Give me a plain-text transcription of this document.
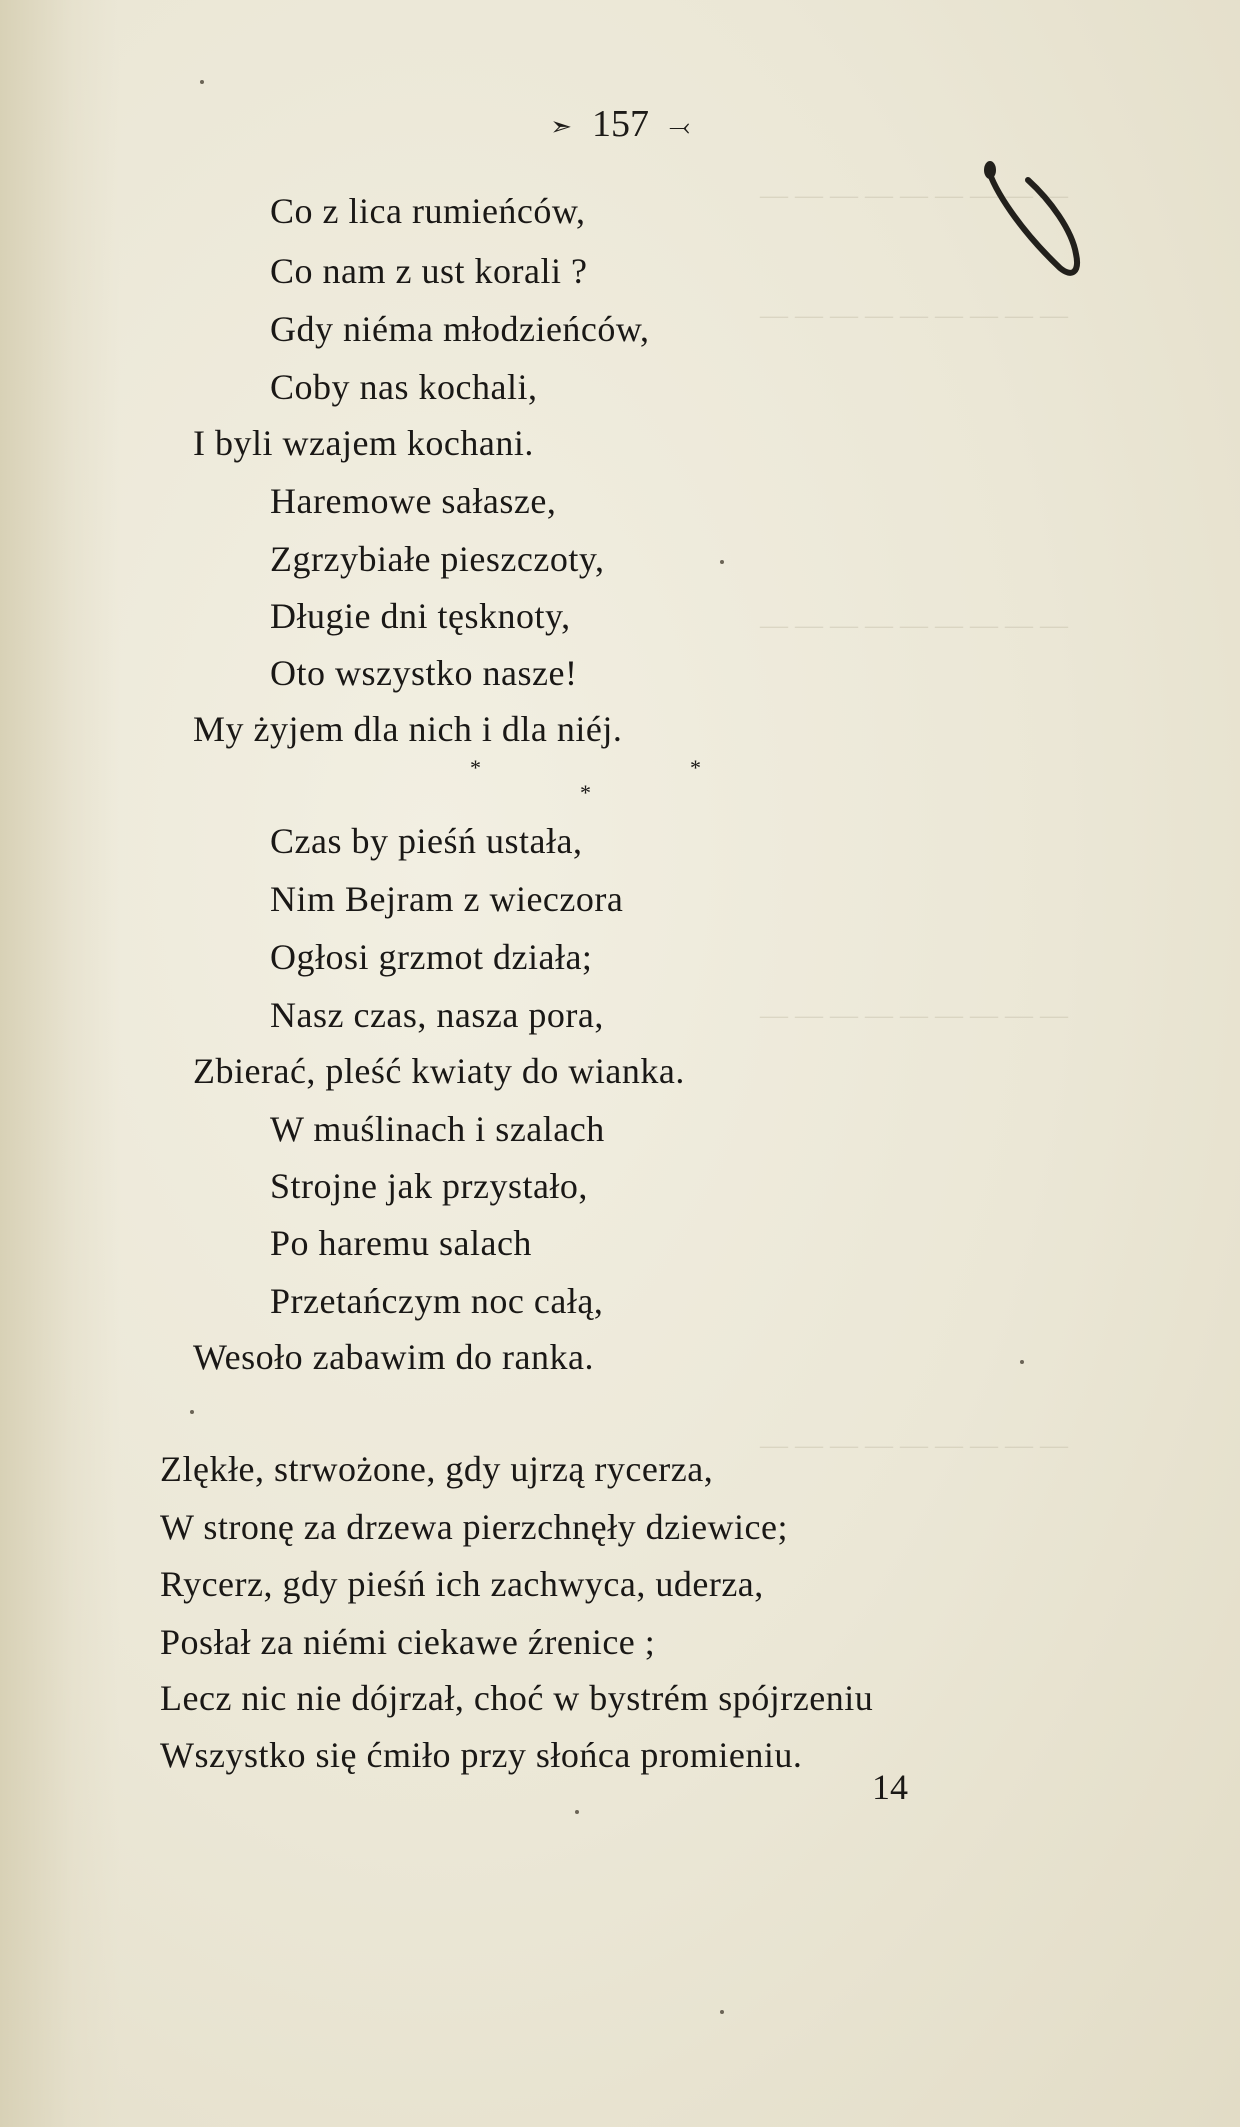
— — — — — — — — —
— — — — — — — — —
— — — — — — — — —
— — — — — — — — —
— — — — — — — — —
➣ 157 ⤙
Co z lica rumieńców,
Co nam z ust korali ?
Gdy niéma młodzieńców,
Coby nas kochali,
I byli wzajem kochani.
Haremowe sałasze,
Zgrzybiałe pieszczoty,
Długie dni tęsknoty,
Oto wszystko nasze!
My żyjem dla nich i dla niéj.
*	*
*
Czas by pieśń ustała,
Nim Bejram z wieczora
Ogłosi grzmot działa;
Nasz czas, nasza pora,
Zbierać, pleść kwiaty do wianka.
W muślinach i szalach
Strojne jak przystało,
Po haremu salach
Przetańczym noc całą,
Wesoło zabawim do ranka.
Zlękłe, strwożone, gdy ujrzą rycerza,
W stronę za drzewa pierzchnęły dziewice;
Rycerz, gdy pieśń ich zachwyca, uderza,
Posłał za niémi ciekawe źrenice ;
Lecz nic nie dójrzał, choć w bystrém spójrzeniu
Wszystko się ćmiło przy słońca promieniu.
14
